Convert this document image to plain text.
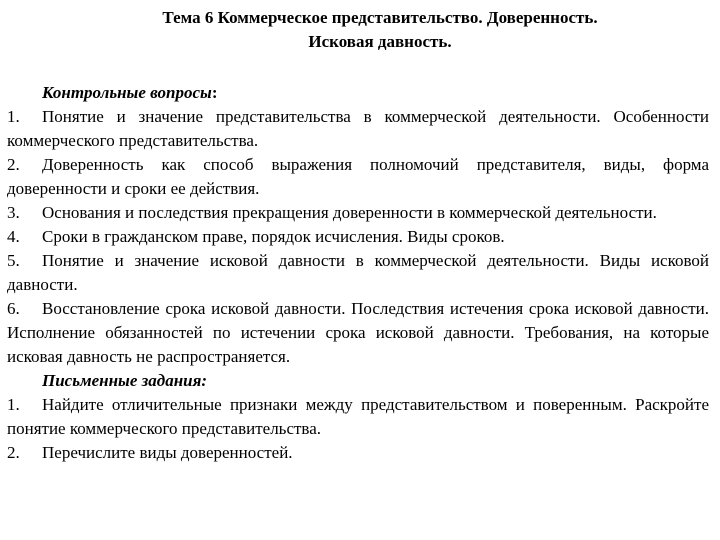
Тема 6 Коммерческое представительство. Доверенность.
Исковая давность.
Контрольные вопросы:
1. Понятие и значение представительства в коммерческой деятельности. Особенности коммерческого представительства.
2. Доверенность как способ выражения полномочий представителя, виды, форма доверенности и сроки ее действия.
3. Основания и последствия прекращения доверенности в коммерческой деятельности.
4. Сроки в гражданском праве, порядок исчисления. Виды сроков.
5. Понятие и значение исковой давности в коммерческой деятельности. Виды исковой давности.
6. Восстановление срока исковой давности. Последствия истечения срока исковой давности. Исполнение обязанностей по истечении срока исковой давности. Требования, на которые исковая давность не распространяется.
Письменные задания:
1. Найдите отличительные признаки между представительством и поверенным. Раскройте понятие коммерческого представительства.
2. Перечислите виды доверенностей.
